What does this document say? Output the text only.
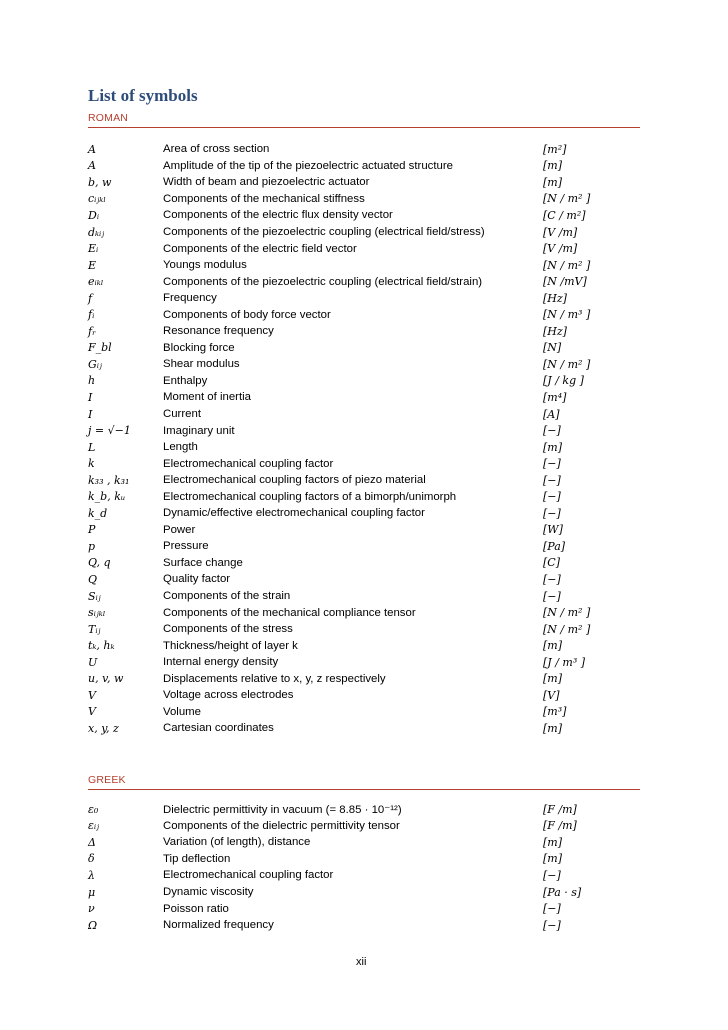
List of symbols
ROMAN
A	Area of cross section	[m²]
A	Amplitude of the tip of the piezoelectric actuated structure	[m]
b, w	Width of beam and piezoelectric actuator	[m]
cᵢⱼₖₗ	Components of the mechanical stiffness	[N / m² ]
Dᵢ	Components of the electric flux density vector	[C / m²]
dₖᵢⱼ	Components of the piezoelectric coupling (electrical field/stress)	[V /m]
Eᵢ	Components of the electric field vector	[V /m]
E	Youngs modulus	[N / m² ]
eᵢₖₗ	Components of the piezoelectric coupling (electrical field/strain)	[N /mV]
f	Frequency	[Hz]
fᵢ	Components of body force vector	[N / m³ ]
fᵣ	Resonance frequency	[Hz]
F_bl	Blocking force	[N]
Gᵢⱼ	Shear modulus	[N / m² ]
h	Enthalpy	[J / kg ]
I	Moment of inertia	[m⁴]
I	Current	[A]
j = √−1	Imaginary unit	[−]
L	Length	[m]
k	Electromechanical coupling factor	[−]
k₃₃ , k₃₁	Electromechanical coupling factors of piezo material	[−]
k_b, kᵤ	Electromechanical coupling factors of a bimorph/unimorph	[−]
k_d	Dynamic/effective electromechanical coupling factor	[−]
P	Power	[W]
p	Pressure	[Pa]
Q, q	Surface change	[C]
Q	Quality factor	[−]
Sᵢⱼ	Components of the strain	[−]
sᵢⱼₖₗ	Components of the mechanical compliance tensor	[N / m² ]
Tᵢⱼ	Components of the stress	[N / m² ]
tₖ, hₖ	Thickness/height of layer k	[m]
U	Internal energy density	[J / m³ ]
u, v, w	Displacements relative to x, y, z respectively	[m]
V	Voltage across electrodes	[V]
V	Volume	[m³]
x, y, z	Cartesian coordinates	[m]
GREEK
ε₀	Dielectric permittivity in vacuum (= 8.85 · 10⁻¹²)	[F /m]
εᵢⱼ	Components of the dielectric permittivity tensor	[F /m]
Δ	Variation (of length), distance	[m]
δ	Tip deflection	[m]
λ	Electromechanical coupling factor	[−]
μ	Dynamic viscosity	[Pa · s]
ν	Poisson ratio	[−]
Ω	Normalized frequency	[−]
xii
